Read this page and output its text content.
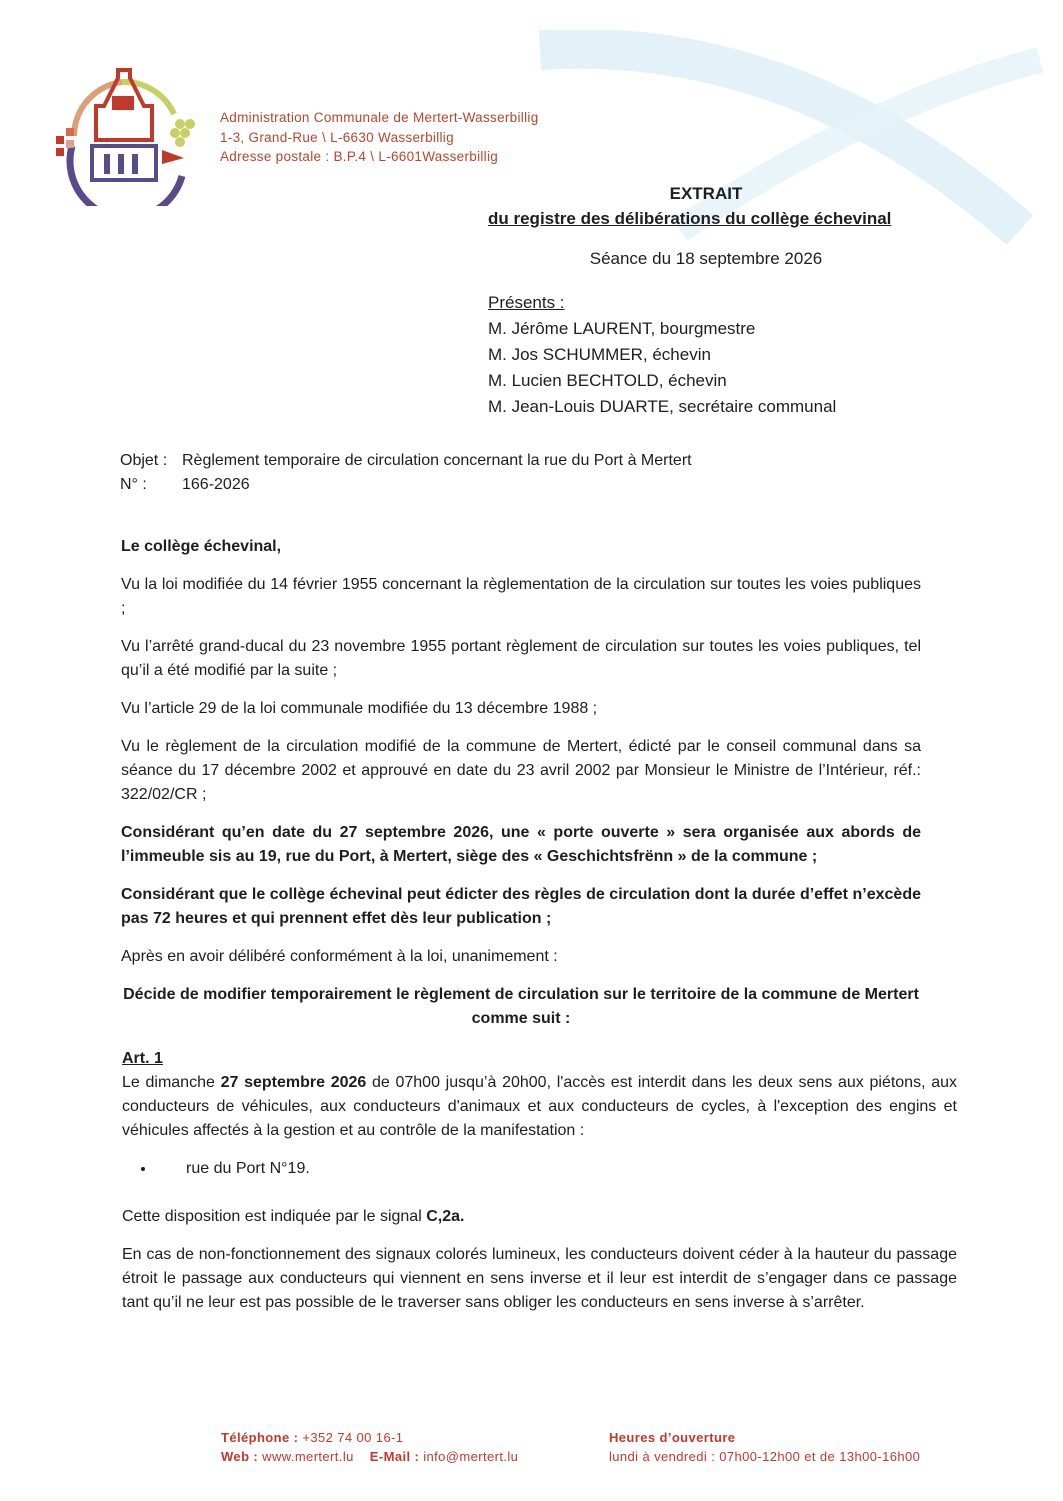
Administration Communale de Mertert-Wasserbillig
1-3, Grand-Rue \ L-6630 Wasserbillig
Adresse postale : B.P.4 \ L-6601Wasserbillig
EXTRAIT
du registre des délibérations du collège échevinal
Séance du 18 septembre 2026
Présents :
M. Jérôme LAURENT, bourgmestre
M. Jos SCHUMMER, échevin
M. Lucien BECHTOLD, échevin
M. Jean-Louis DUARTE, secrétaire communal
Objet : Règlement temporaire de circulation concernant la rue du Port à Mertert
N° : 166-2026

Le collège échevinal,

Vu la loi modifiée du 14 février 1955 concernant la règlementation de la circulation sur toutes les voies publiques ;

Vu l’arrêté grand-ducal du 23 novembre 1955 portant règlement de circulation sur toutes les voies publiques, tel qu’il a été modifié par la suite ;

Vu l’article 29 de la loi communale modifiée du 13 décembre 1988 ;

Vu le règlement de la circulation modifié de la commune de Mertert, édicté par le conseil communal dans sa séance du 17 décembre 2002 et approuvé en date du 23 avril 2002 par Monsieur le Ministre de l’Intérieur, réf.: 322/02/CR ;

Considérant qu’en date du 27 septembre 2026, une « porte ouverte » sera organisée aux abords de l’immeuble sis au 19, rue du Port, à Mertert, siège des « Geschichtsfrënn » de la commune ;

Considérant que le collège échevinal peut édicter des règles de circulation dont la durée d’effet n’excède pas 72 heures et qui prennent effet dès leur publication ;

Après en avoir délibéré conformément à la loi, unanimement :

Décide de modifier temporairement le règlement de circulation sur le territoire de la commune de Mertert comme suit :

Art. 1

Le dimanche 27 septembre 2026 de 07h00 jusqu’à 20h00, l'accès est interdit dans les deux sens aux piétons, aux conducteurs de véhicules, aux conducteurs d'animaux et aux conducteurs de cycles, à l'exception des engins et véhicules affectés à la gestion et au contrôle de la manifestation :

• rue du Port N°19.

Cette disposition est indiquée par le signal C,2a.

En cas de non-fonctionnement des signaux colorés lumineux, les conducteurs doivent céder à la hauteur du passage étroit le passage aux conducteurs qui viennent en sens inverse et il leur est interdit de s’engager dans ce passage tant qu’il ne leur est pas possible de le traverser sans obliger les conducteurs en sens inverse à s’arrêter.

Téléphone : +352 74 00 16-1
Web : www.mertert.lu E-Mail : info@mertert.lu
Heures d’ouverture
lundi à vendredi : 07h00-12h00 et de 13h00-16h00
